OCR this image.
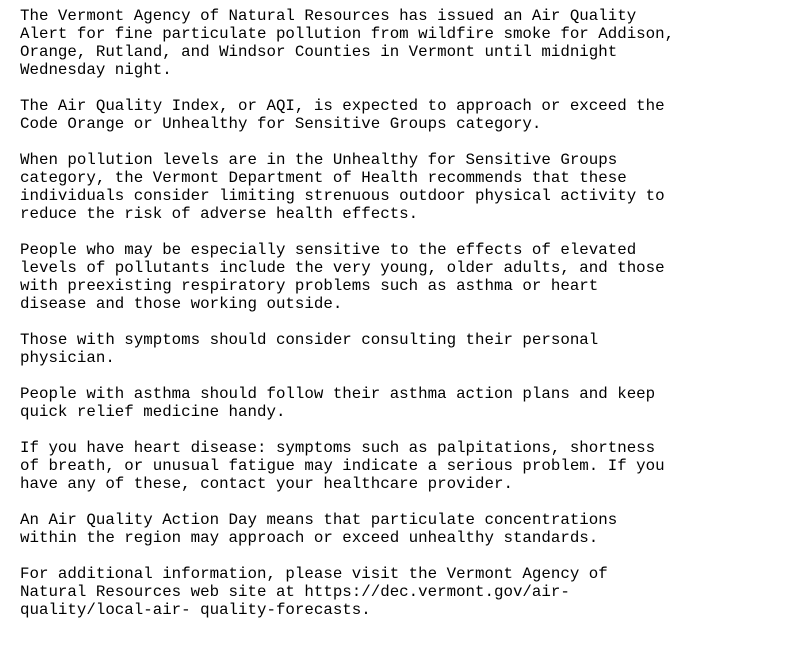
The Vermont Agency of Natural Resources has issued an Air Quality
Alert for fine particulate pollution from wildfire smoke for Addison,
Orange, Rutland, and Windsor Counties in Vermont until midnight
Wednesday night.
The Air Quality Index, or AQI, is expected to approach or exceed the
Code Orange or Unhealthy for Sensitive Groups category.
When pollution levels are in the Unhealthy for Sensitive Groups
category, the Vermont Department of Health recommends that these
individuals consider limiting strenuous outdoor physical activity to
reduce the risk of adverse health effects.
People who may be especially sensitive to the effects of elevated
levels of pollutants include the very young, older adults, and those
with preexisting respiratory problems such as asthma or heart
disease and those working outside.
Those with symptoms should consider consulting their personal
physician.
People with asthma should follow their asthma action plans and keep
quick relief medicine handy.
If you have heart disease: symptoms such as palpitations, shortness
of breath, or unusual fatigue may indicate a serious problem. If you
have any of these, contact your healthcare provider.
An Air Quality Action Day means that particulate concentrations
within the region may approach or exceed unhealthy standards.
For additional information, please visit the Vermont Agency of
Natural Resources web site at https://dec.vermont.gov/air-
quality/local-air- quality-forecasts.
